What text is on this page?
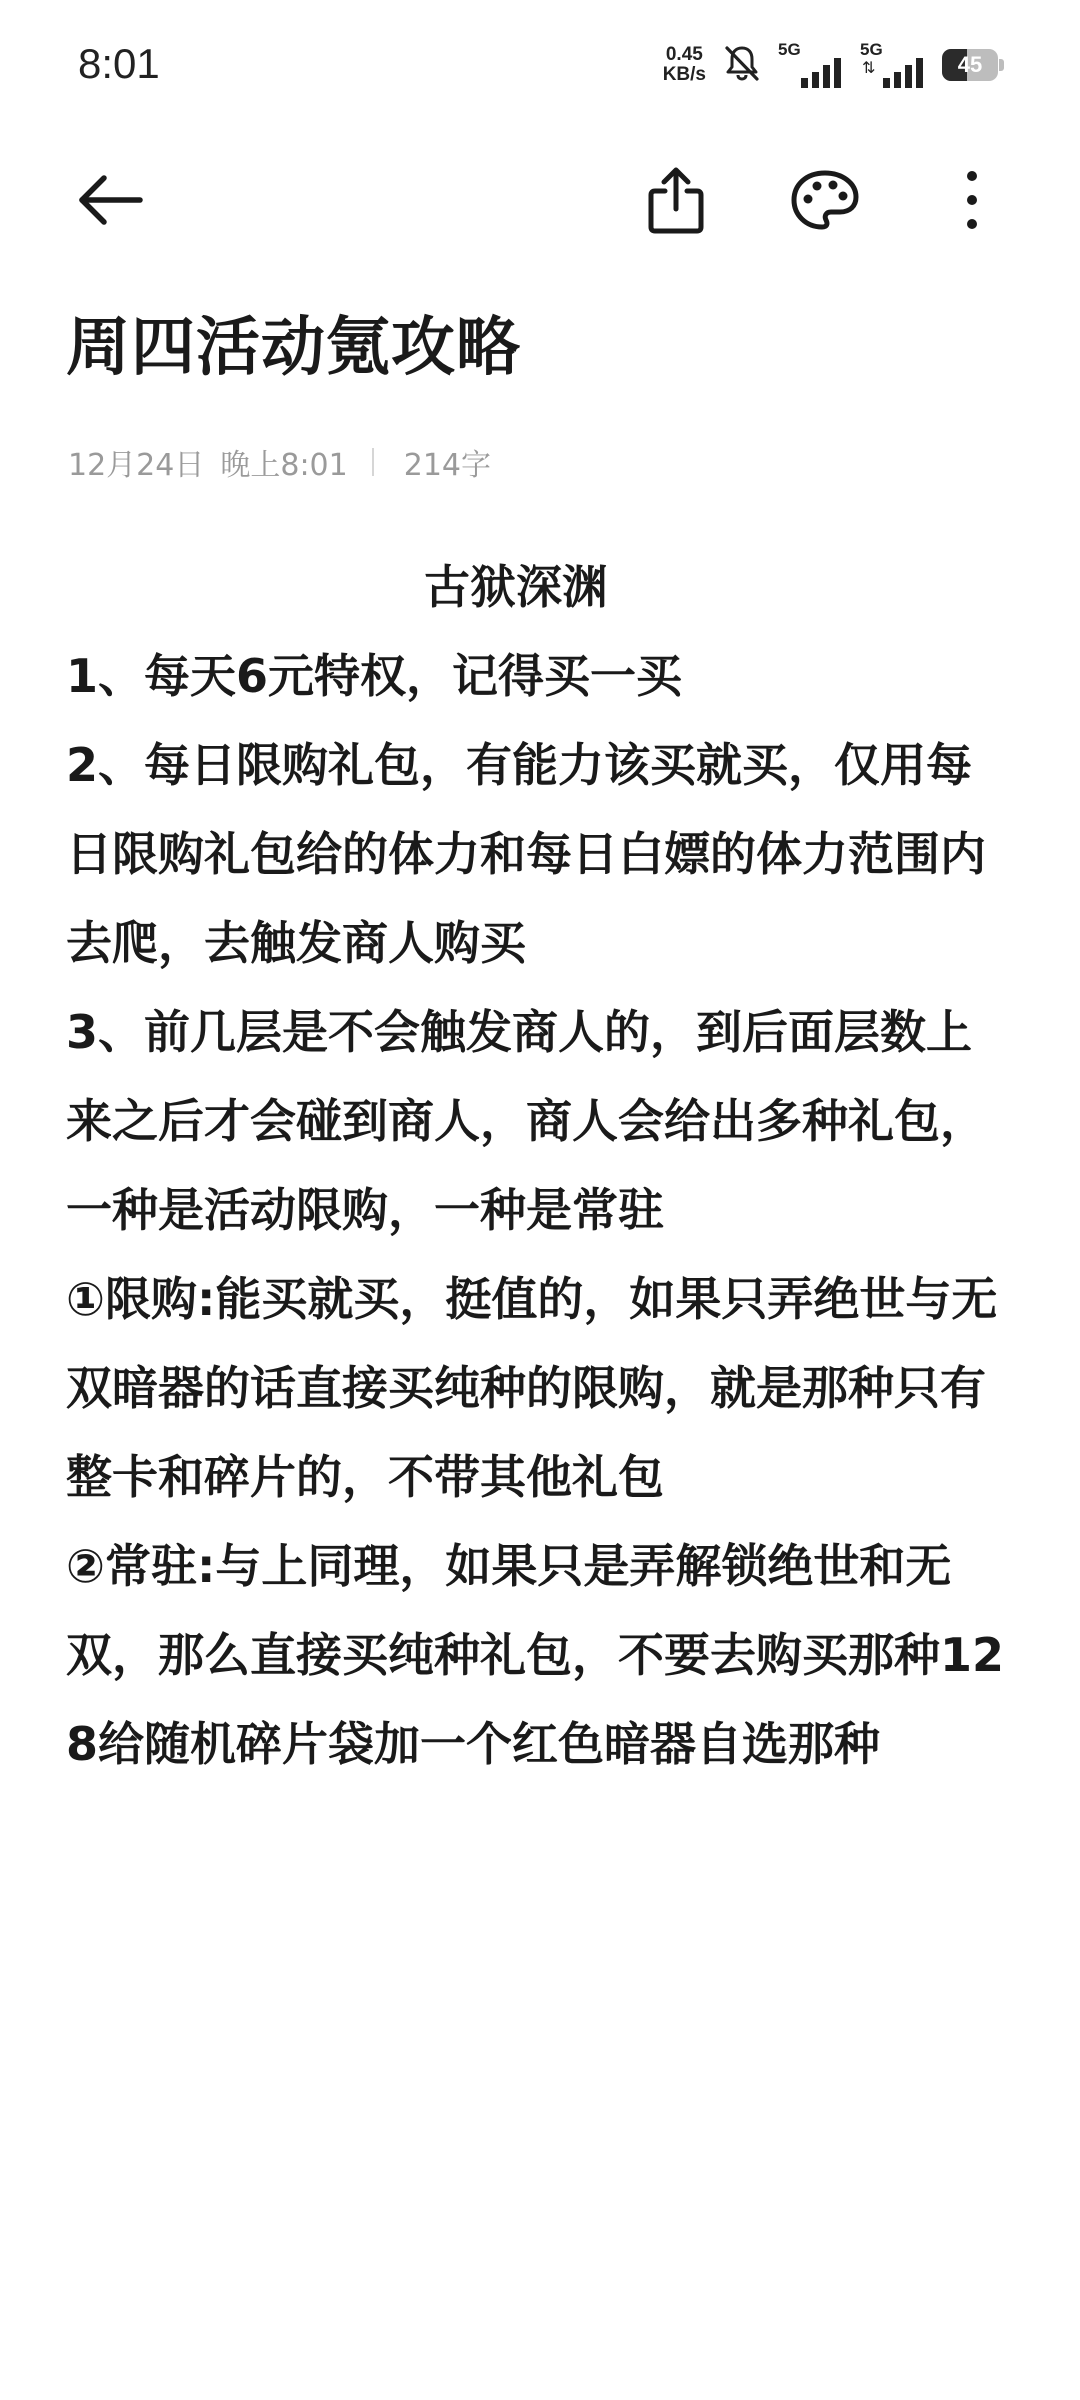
8:01	0.45
KB/s
5G	5G
⇅	45
周四活动氪攻略
12月24日 晚上8:01 214字
古狱深渊

1、每天6元特权，记得买一买

2、每日限购礼包，有能力该买就买，仅用每日限购礼包给的体力和每日白嫖的体力范围内去爬，去触发商人购买

3、前几层是不会触发商人的，到后面层数上来之后才会碰到商人，商人会给出多种礼包，一种是活动限购，一种是常驻

①限购:能买就买，挺值的，如果只弄绝世与无双暗器的话直接买纯种的限购，就是那种只有整卡和碎片的，不带其他礼包

②常驻:与上同理，如果只是弄解锁绝世和无双，那么直接买纯种礼包，不要去购买那种128给随机碎片袋加一个红色暗器自选那种
